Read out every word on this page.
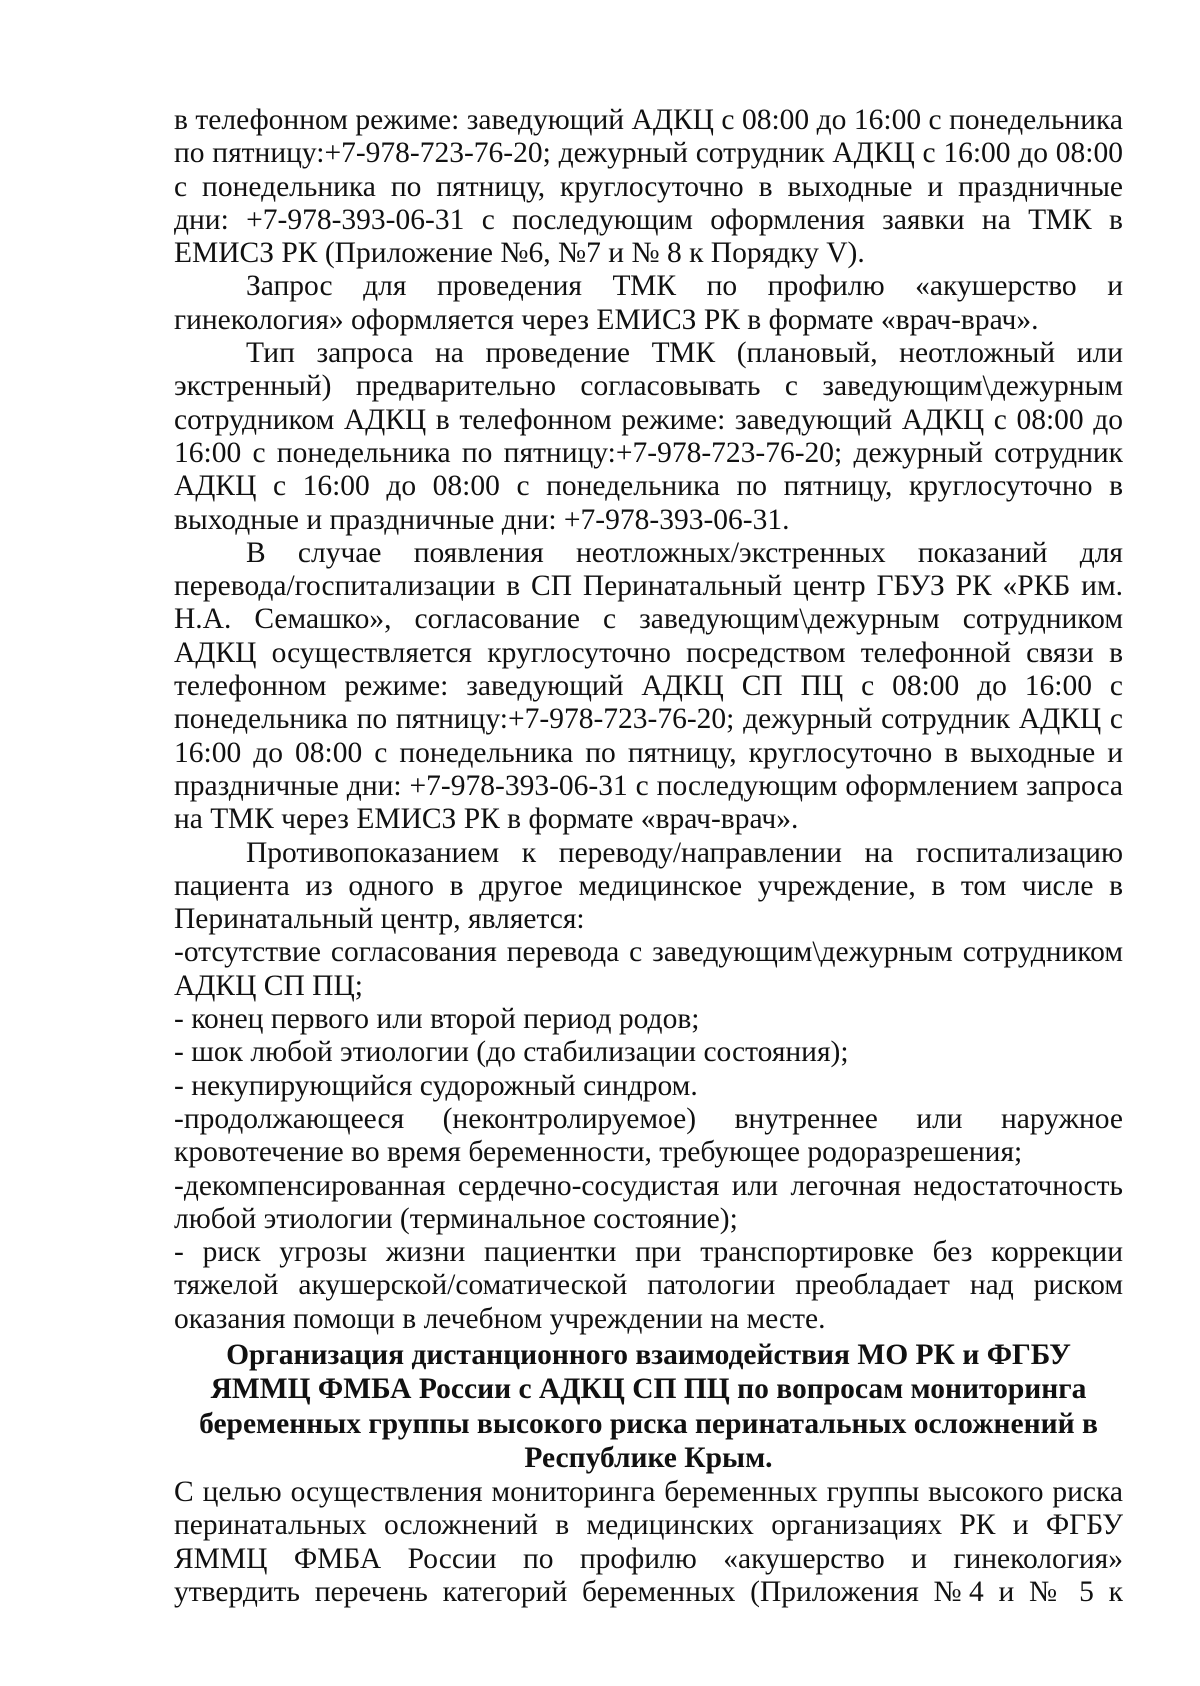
в телефонном режиме: заведующий АДКЦ с 08:00 до 16:00 с понедельника по пятницу:+7-978-723-76-20; дежурный сотрудник АДКЦ с 16:00 до 08:00 с понедельника по пятницу, круглосуточно в выходные и праздничные дни: +7-978-393-06-31 с последующим оформления заявки на ТМК в ЕМИСЗ РК (Приложение №6, №7 и № 8 к Порядку V).

Запрос для проведения ТМК по профилю «акушерство и гинекология» оформляется через ЕМИСЗ РК в формате «врач-врач».

Тип запроса на проведение ТМК (плановый, неотложный или экстренный) предварительно согласовывать с заведующим\дежурным сотрудником АДКЦ в телефонном режиме: заведующий АДКЦ с 08:00 до 16:00 с понедельника по пятницу:+7-978-723-76-20; дежурный сотрудник АДКЦ с 16:00 до 08:00 с понедельника по пятницу, круглосуточно в выходные и праздничные дни: +7-978-393-06-31.

В случае появления неотложных/экстренных показаний для перевода/госпитализации в СП Перинатальный центр ГБУЗ РК «РКБ им. Н.А. Семашко», согласование с заведующим\дежурным сотрудником АДКЦ осуществляется круглосуточно посредством телефонной связи в телефонном режиме: заведующий АДКЦ СП ПЦ с 08:00 до 16:00 с понедельника по пятницу:+7-978-723-76-20; дежурный сотрудник АДКЦ с 16:00 до 08:00 с понедельника по пятницу, круглосуточно в выходные и праздничные дни: +7-978-393-06-31 с последующим оформлением запроса на ТМК через ЕМИСЗ РК в формате «врач-врач».

Противопоказанием к переводу/направлении на госпитализацию пациента из одного в другое медицинское учреждение, в том числе в Перинатальный центр, является:

-отсутствие согласования перевода с заведующим\дежурным сотрудником АДКЦ СП ПЦ;

- конец первого или второй период родов;

- шок любой этиологии (до стабилизации состояния);

- некупирующийся судорожный синдром.

-продолжающееся (неконтролируемое) внутреннее или наружное кровотечение во время беременности, требующее родоразрешения;

-декомпенсированная сердечно-сосудистая или легочная недостаточность любой этиологии (терминальное состояние);

- риск угрозы жизни пациентки при транспортировке без коррекции тяжелой акушерской/соматической патологии преобладает над риском оказания помощи в лечебном учреждении на месте.

Организация дистанционного взаимодействия МО РК и ФГБУ ЯММЦ ФМБА России с АДКЦ СП ПЦ по вопросам мониторинга беременных группы высокого риска перинатальных осложнений в Республике Крым.

С целью осуществления мониторинга беременных группы высокого риска перинатальных осложнений в медицинских организациях РК и ФГБУ ЯММЦ ФМБА России по профилю «акушерство и гинекология» утвердить перечень категорий беременных (Приложения №4 и № 5 к
